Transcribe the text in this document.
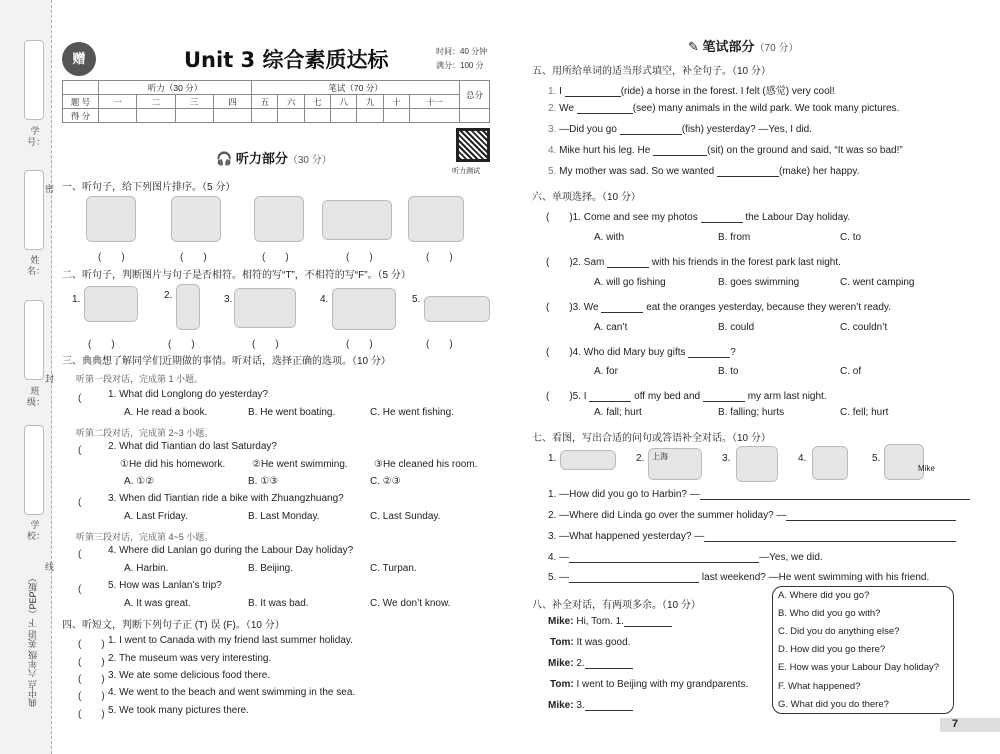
学号：
姓名：
班级：
学校：
密
封
线
典中点 六年级 英语 下（PEP版）
赠	Unit 3 综合素质达标	时间：40 分钟
满分：100 分
	听力（30 分）				笔试（70 分）							总分
题 号	一	二	三	四	五	六	七	八	九	十	十一	
得 分												
听力测试
🎧 听力部分（30 分）
一、听句子，给下列图片排序。（5 分）
(　　)	(　　)	(　　)	(　　)	(　　)
二、听句子，判断图片与句子是否相符。相符的写“T”，不相符的写“F”。（5 分）
1.	2.	3.	4.	5.
(　　)	(　　)	(　　)	(　　)	(　　)
三、典典想了解同学们近期做的事情。听对话，选择正确的选项。（10 分）
听第一段对话，完成第 1 小题。
(　　 1. What did Longlong do yesterday?
A. He read a book.	B. He went boating.	C. He went fishing.
听第二段对话，完成第 2~3 小题。
(　　 2. What did Tiantian do last Saturday?
①He did his homework.	②He went swimming.	③He cleaned his room.
A. ①②	B. ①③	C. ②③
(　　 3. When did Tiantian ride a bike with Zhuangzhuang?
A. Last Friday.	B. Last Monday.	C. Last Sunday.
听第三段对话，完成第 4~5 小题。
(　　 4. Where did Lanlan go during the Labour Day holiday?
A. Harbin.	B. Beijing.	C. Turpan.
(　　 5. How was Lanlan’s trip?
A. It was great.	B. It was bad.	C. We don’t know.
四、听短文，判断下列句子正 (T) 误 (F)。（10 分）
(　　) 1. I went to Canada with my friend last summer holiday.
(　　) 2. The museum was very interesting.
(　　) 3. We ate some delicious food there.
(　　) 4. We went to the beach and went swimming in the sea.
(　　) 5. We took many pictures there.
✎ 笔试部分（70 分）
五、用所给单词的适当形式填空，补全句子。（10 分）
1. I	(ride) a horse in the forest. I felt (感觉) very cool!
2. We	(see) many animals in the wild park. We took many pictures.
3. —Did you go	(fish) yesterday? —Yes, I did.
4. Mike hurt his leg. He	(sit) on the ground and said, “It was so bad!”
5. My mother was sad. So we wanted	(make) her happy.
六、单项选择。（10 分）
(　　)1. Come and see my photos	the Labour Day holiday.
A. with	B. from	C. to
(　　)2. Sam	with his friends in the forest park last night.
A. will go fishing	B. goes swimming	C. went camping
(　　)3. We	eat the oranges yesterday, because they weren’t ready.
A. can’t	B. could	C. couldn’t
(　　)4. Who did Mary buy gifts	?
A. for	B. to	C. of
(　　)5. I	off my bed and	my arm last night.
A. fall; hurt	B. falling; hurts	C. fell; hurt
七、看图，写出合适的问句或答语补全对话。（10 分）
1.	2. 上海	3.	4.	5.
Mike
1. —How did you go to Harbin? —
2. —Where did Linda go over the summer holiday? —
3. —What happened yesterday? —
4. —	—Yes, we did.
5. —	last weekend? —He went swimming with his friend.
八、补全对话，有两项多余。（10 分）
Mike: Hi, Tom. 1.
Tom: It was good.
Mike: 2.
Tom: I went to Beijing with my grandparents.
Mike: 3.
A. Where did you go?
B. Who did you go with?
C. Did you do anything else?
D. How did you go there?
E. How was your Labour Day holiday?
F. What happened?
G. What did you do there?
7
